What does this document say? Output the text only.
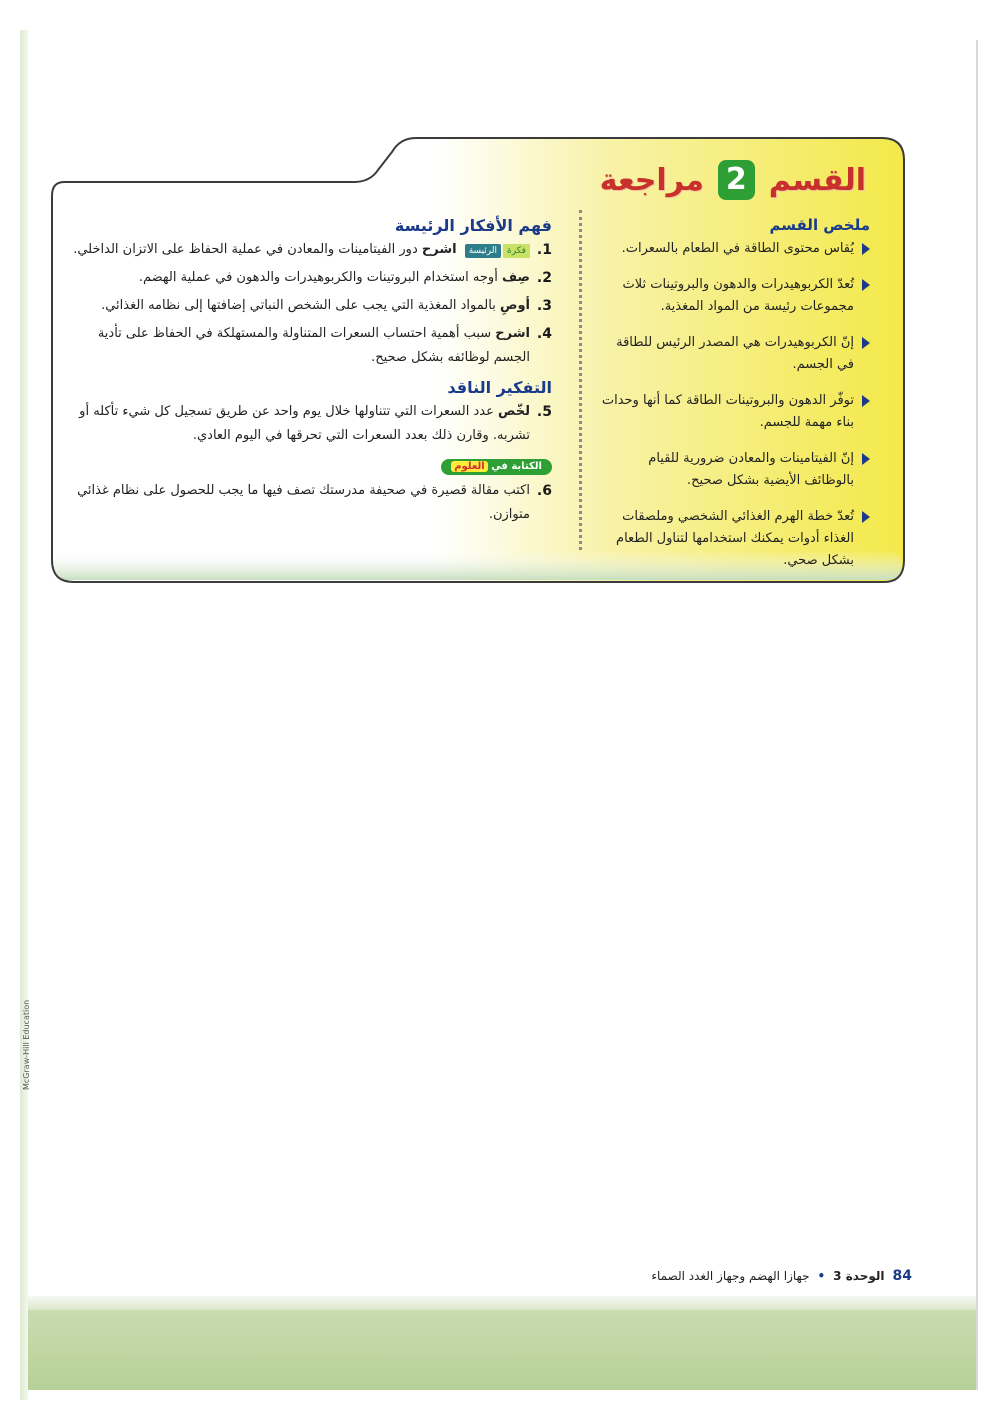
McGraw-Hill Education
القسم
2
مراجعة
ملخص القسم
يُقاس محتوى الطاقة في الطعام بالسعرات.
تُعدّ الكربوهيدرات والدهون والبروتينات ثلاث مجموعات رئيسة من المواد المغذية.
إنّ الكربوهيدرات هي المصدر الرئيس للطاقة في الجسم.
توفّر الدهون والبروتينات الطاقة كما أنها وحدات بناء مهمة للجسم.
إنّ الفيتامينات والمعادن ضرورية للقيام بالوظائف الأيضية بشكل صحيح.
تُعدّ خطة الهرم الغذائي الشخصي وملصقات الغذاء أدوات يمكنك استخدامها لتناول الطعام بشكل صحي.
فهم الأفكار الرئيسة
1.
فكرةالرئيسة اشرح دور الفيتامينات والمعادن في عملية الحفاظ على الاتزان الداخلي.
2.
صِف أوجه استخدام البروتينات والكربوهيدرات والدهون في عملية الهضم.
3.
أوصِ بالمواد المغذية التي يجب على الشخص النباتي إضافتها إلى نظامه الغذائي.
4.
اشرح سبب أهمية احتساب السعرات المتناولة والمستهلكة في الحفاظ على تأدية الجسم لوظائفه بشكل صحيح.
التفكير الناقد
5.
لخّص عدد السعرات التي تتناولها خلال يوم واحد عن طريق تسجيل كل شيء تأكله أو تشربه. وقارن ذلك بعدد السعرات التي تحرقها في اليوم العادي.
الكتابة في العلوم
6.
اكتب مقالة قصيرة في صحيفة مدرستك تصف فيها ما يجب للحصول على نظام غذائي متوازن.
84
الوحدة 3
•
جهازا الهضم وجهاز الغدد الصماء
